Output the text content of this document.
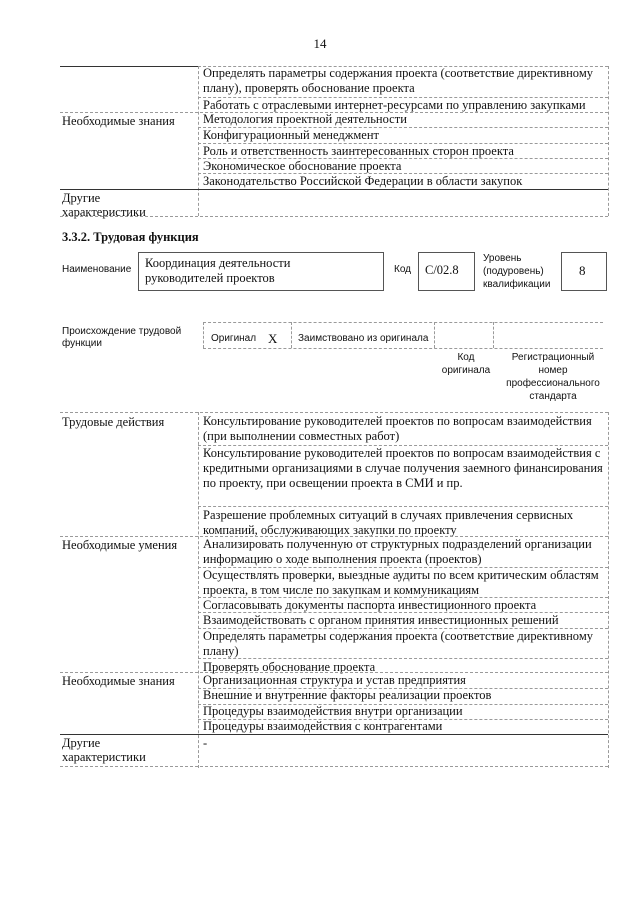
14
Определять параметры содержания проекта (соответствие директивному плану), проверять обоснование проекта
Работать с отраслевыми интернет-ресурсами по управлению закупками
Необходимые знания Методология проектной деятельности
Конфигурационный менеджмент
Роль и ответственность заинтересованных сторон проекта
Экономическое обоснование проекта
Законодательство Российской Федерации в области закупок
Другие
характеристики
3.3.2. Трудовая функция
Наименование Координация деятельности
руководителей проектов
Код C/02.8
Уровень
(подуровень)
квалификации
8
Происхождение трудовой
функции	Оригинал X Заимствовано из оригинала
Код
оригинала
Регистрационный
номер
профессионального
стандарта
Трудовые действия	Консультирование руководителей проектов по вопросам взаимодействия (при выполнении совместных работ)
Консультирование руководителей проектов по вопросам взаимодействия с кредитными организациями в случае получения заемного финансирования по проекту, при освещении проекта в СМИ и пр.
Разрешение проблемных ситуаций в случаях привлечения сервисных компаний, обслуживающих закупки по проекту
Необходимые умения Анализировать полученную от структурных подразделений организации информацию о ходе выполнения проекта (проектов)
Осуществлять проверки, выездные аудиты по всем критическим областям проекта, в том числе по закупкам и коммуникациям
Согласовывать документы паспорта инвестиционного проекта
Взаимодействовать с органом принятия инвестиционных решений
Определять параметры содержания проекта (соответствие директивному плану)
Проверять обоснование проекта
Необходимые знания Организационная структура и устав предприятия
Внешние и внутренние факторы реализации проектов
Процедуры взаимодействия внутри организации
Процедуры взаимодействия с контрагентами
Другие
характеристики
-
